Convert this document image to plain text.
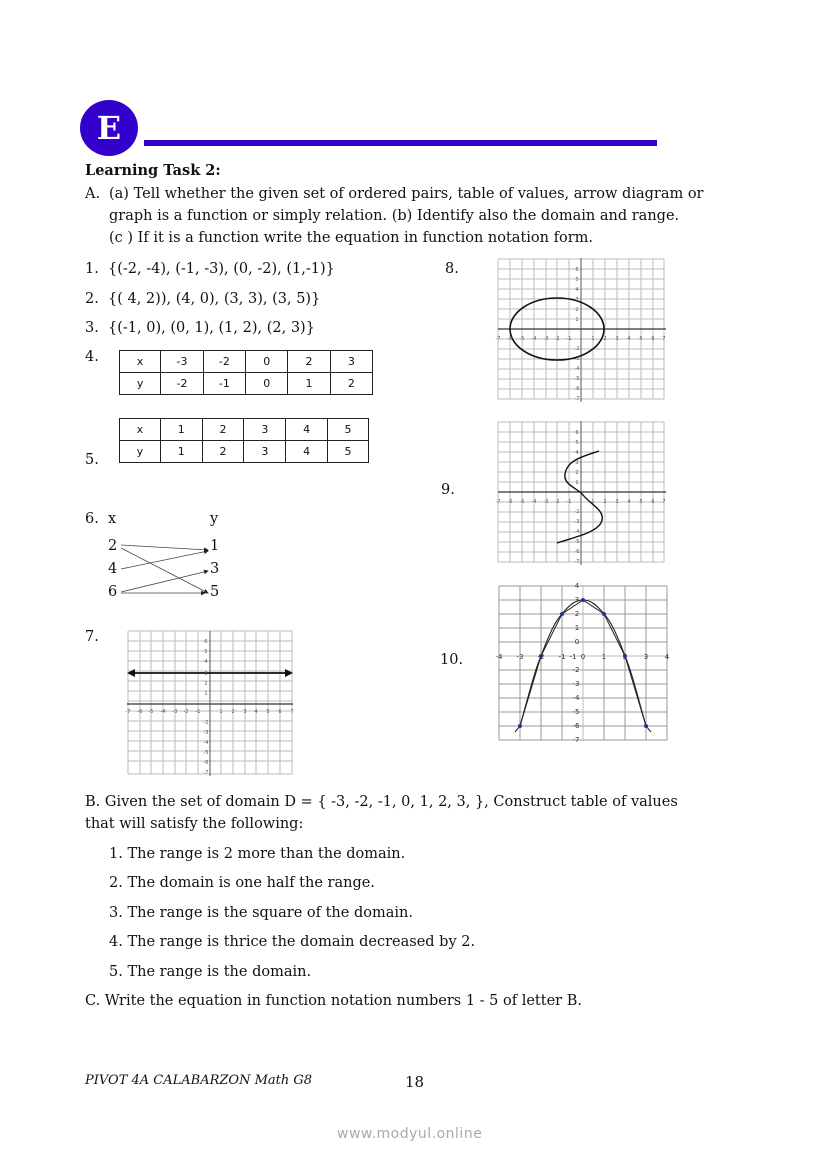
E
Learning Task 2:
A. (a) Tell whether the given set of ordered pairs, table of values, arrow diagram or
graph is a function or simply relation. (b) Identify also the domain and range.
(c ) If it is a function write the equation in function notation form.
1. {(-2, -4), (-1, -3), (0, -2), (1,-1)}
2. {( 4, 2)), (4, 0), (3, 3), (3, 5)}
3. {(-1, 0), (0, 1), (1, 2), (2, 3)}
4.	x	-3	-2	0	2	3
y	-2	-1	0	1	2
5.
x	1	2	3	4	5
y	1	2	3	4	5
6. x	y
2
4
6
1
3
5
7.
-7 -6 -5 -4 -3 -2 -1	1 2 3 4 5 6 7
6
5
4
3
2
1
-2
-3
-4
-5
-6
-7
8.
-7 -6 -5 -4 -3 -2 -1	1 2 3 4 5 6 7
6
5
4
3
2
1
-2
-3
-4
-5
-6
-7
9.
-7 -6 -5 -4 -3 -2 -1	1 2 3 4 5 6 7
6
5
4
3
2
1
-2
-3
-4
-5
-6
-7
10.	-4 -3 -2 -1 0 1 2 3 4
4
3
2
1
0
-1
-2
-3
-4
-5
-6
-7
B. Given the set of domain D = { -3, -2, -1, 0, 1, 2, 3, }, Construct table of values
that will satisfy the following:
1. The range is 2 more than the domain.
2. The domain is one half the range.
3. The range is the square of the domain.
4. The range is thrice the domain decreased by 2.
5. The range is the domain.
C. Write the equation in function notation numbers 1 - 5 of letter B.
PIVOT 4A CALABARZON Math G8	18
www.modyul.online
